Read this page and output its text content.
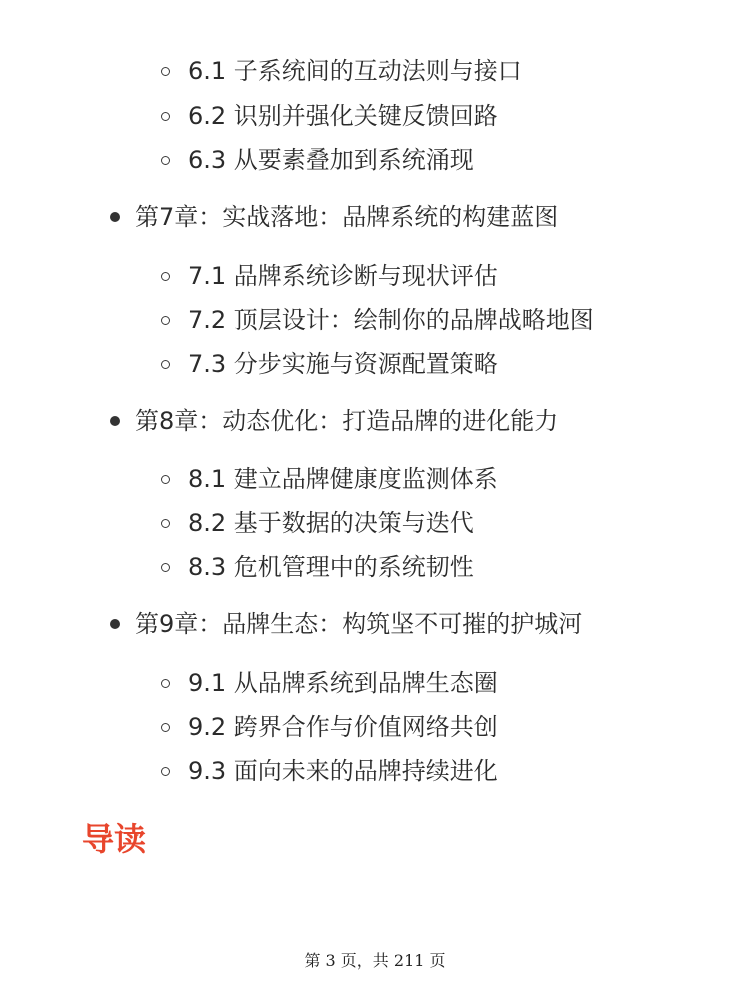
6.1 子系统间的互动法则与接口
6.2 识别并强化关键反馈回路
6.3 从要素叠加到系统涌现
第7章：实战落地：品牌系统的构建蓝图
7.1 品牌系统诊断与现状评估
7.2 顶层设计：绘制你的品牌战略地图
7.3 分步实施与资源配置策略
第8章：动态优化：打造品牌的进化能力
8.1 建立品牌健康度监测体系
8.2 基于数据的决策与迭代
8.3 危机管理中的系统韧性
第9章：品牌生态：构筑坚不可摧的护城河
9.1 从品牌系统到品牌生态圈
9.2 跨界合作与价值网络共创
9.3 面向未来的品牌持续进化
导读
第 3 页，共 211 页
